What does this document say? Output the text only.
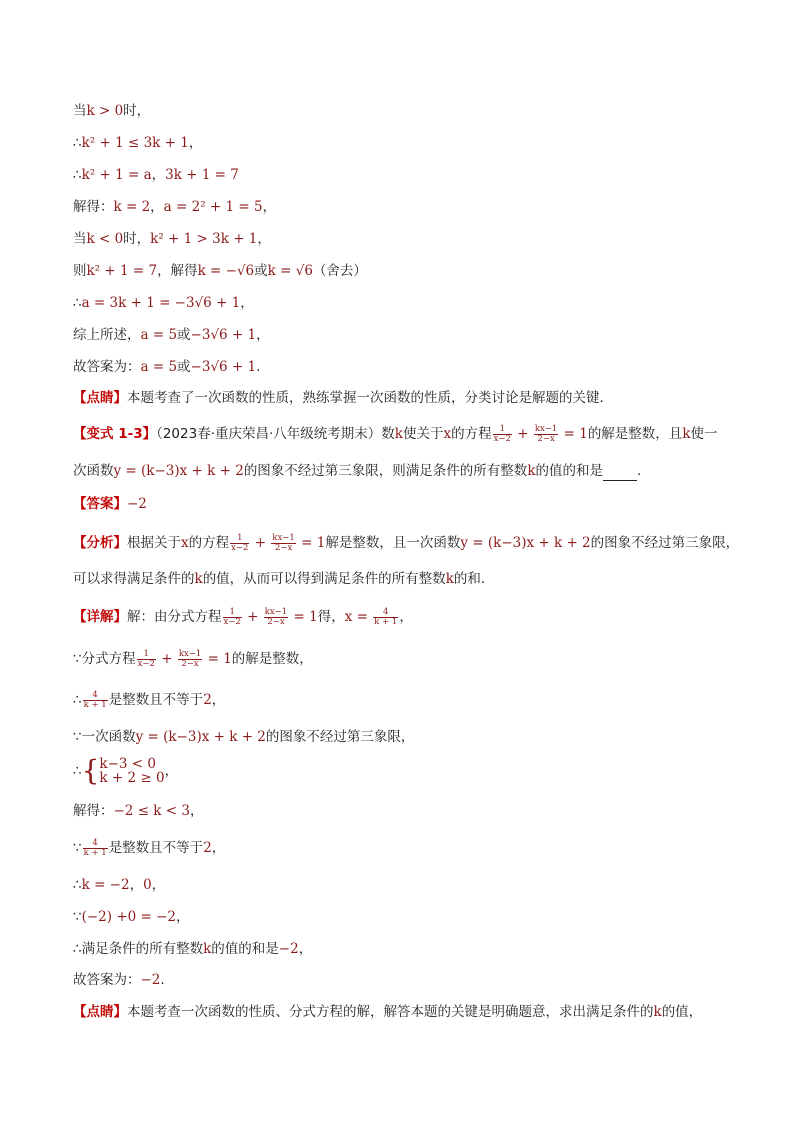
当k > 0时，
∴k² + 1 ≤ 3k + 1，
∴k² + 1 = a，3k + 1 = 7
解得：k = 2，a = 2² + 1 = 5，
当k < 0时，k² + 1 > 3k + 1，
则k² + 1 = 7，解得k = −√6或k = √6（舍去）
∴a = 3k + 1 = −3√6 + 1，
综上所述，a = 5或−3√6 + 1，
故答案为：a = 5或−3√6 + 1.
【点睛】本题考查了一次函数的性质，熟练掌握一次函数的性质，分类讨论是解题的关键．
【变式 1-3】（2023春·重庆荣昌·八年级统考期末）数k使关于x的方程 $\frac{1}{x-2} + \frac{kx-1}{2-x} = 1$的解是整数，且k使一
次函数y = (k−3)x + k + 2的图象不经过第三象限，则满足条件的所有整数k的值的和是	.
【答案】−2
【分析】根据关于x的方程 $\frac{1}{x-2} + \frac{kx-1}{2-x} = 1$解是整数，且一次函数y = (k−3)x + k + 2的图象不经过第三象限，
可以求得满足条件的k的值，从而可以得到满足条件的所有整数k的和．
【详解】解：由分式方程 $\frac{1}{x-2} + \frac{kx-1}{2-x} = 1$得，$x = \frac{4}{k + 1}$ ，
∵分式方程 $\frac{1}{x-2} + \frac{kx-1}{2-x} = 1$的解是整数，
∴ $\frac{4}{k + 1}$ 是整数且不等于2，
∵一次函数y = (k−3)x + k + 2的图象不经过第三象限，
∴{ k−3 < 0
k + 2 ≥ 0 ，
解得：−2 ≤ k < 3，
∵ $\frac{4}{k + 1}$ 是整数且不等于2，
∴k = −2，0，
∵(−2) +0 = −2，
∴满足条件的所有整数k的值的和是−2，
故答案为：−2.
【点睛】本题考查一次函数的性质、分式方程的解，解答本题的关键是明确题意，求出满足条件的k的值，
